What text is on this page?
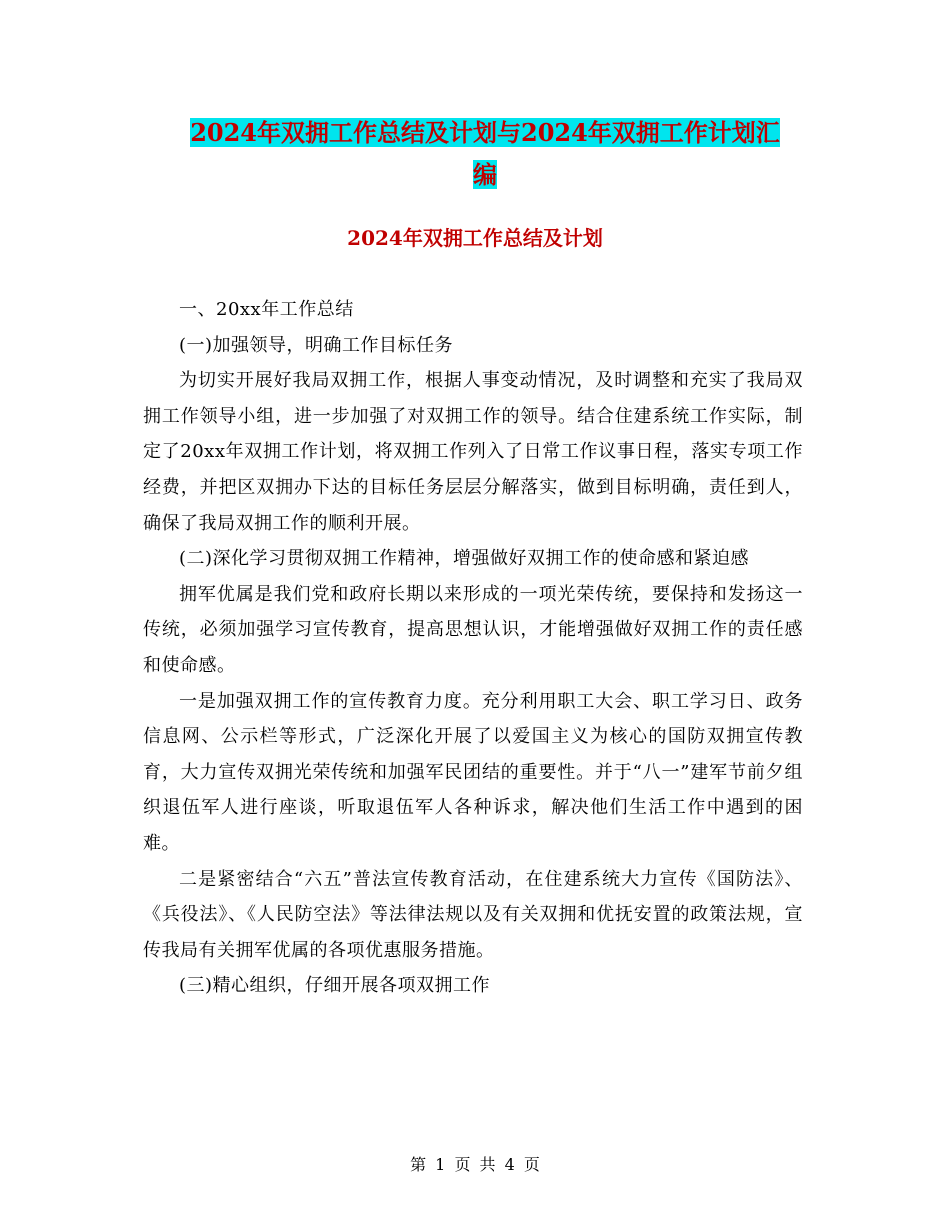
2024年双拥工作总结及计划与2024年双拥工作计划汇
编
2024年双拥工作总结及计划

一、20xx年工作总结

(一)加强领导，明确工作目标任务

为切实开展好我局双拥工作，根据人事变动情况，及时调整和充实了我局双拥工作领导小组，进一步加强了对双拥工作的领导。结合住建系统工作实际，制定了20xx年双拥工作计划，将双拥工作列入了日常工作议事日程，落实专项工作经费，并把区双拥办下达的目标任务层层分解落实，做到目标明确，责任到人，确保了我局双拥工作的顺利开展。

(二)深化学习贯彻双拥工作精神，增强做好双拥工作的使命感和紧迫感

拥军优属是我们党和政府长期以来形成的一项光荣传统，要保持和发扬这一传统，必须加强学习宣传教育，提高思想认识，才能增强做好双拥工作的责任感和使命感。

一是加强双拥工作的宣传教育力度。充分利用职工大会、职工学习日、政务信息网、公示栏等形式，广泛深化开展了以爱国主义为核心的国防双拥宣传教育，大力宣传双拥光荣传统和加强军民团结的重要性。并于“八一”建军节前夕组织退伍军人进行座谈，听取退伍军人各种诉求，解决他们生活工作中遇到的困难。

二是紧密结合“六五”普法宣传教育活动，在住建系统大力宣传《国防法》、《兵役法》、《人民防空法》等法律法规以及有关双拥和优抚安置的政策法规，宣传我局有关拥军优属的各项优惠服务措施。

(三)精心组织，仔细开展各项双拥工作

第 1 页 共 4 页
